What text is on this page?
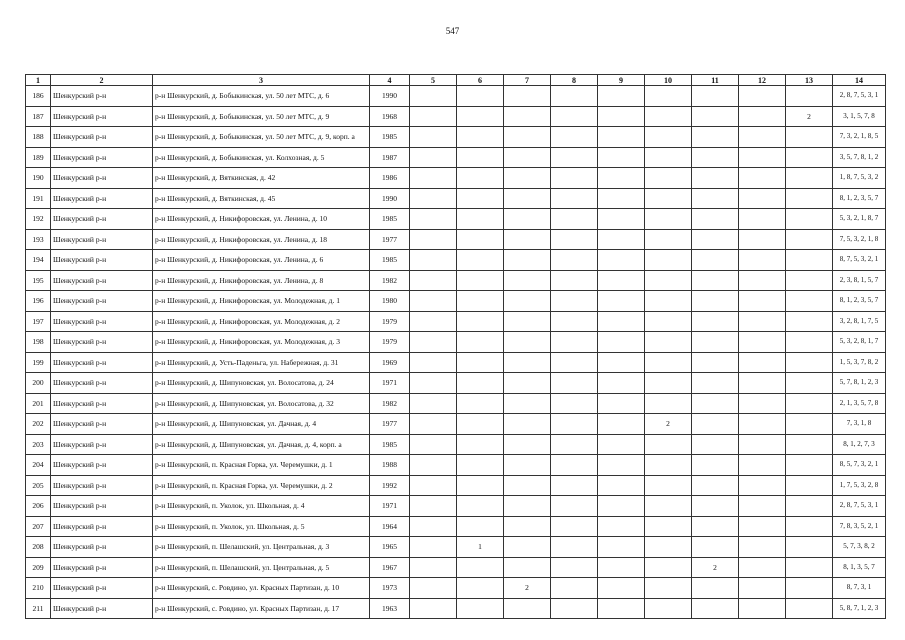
547
1	2	3	4	5	6	7	8	9	10	11	12	13	14
186	Шенкурский р-н	р-н Шенкурский, д. Бобыкинская, ул. 50 лет МТС, д. 6	1990										2, 8, 7, 5, 3, 1
187	Шенкурский р-н	р-н Шенкурский, д. Бобыкинская, ул. 50 лет МТС, д. 9	1968									2	3, 1, 5, 7, 8
188	Шенкурский р-н	р-н Шенкурский, д. Бобыкинская, ул. 50 лет МТС, д. 9, корп. а	1985										7, 3, 2, 1, 8, 5
189	Шенкурский р-н	р-н Шенкурский, д. Бобыкинская, ул. Колхозная, д. 5	1987										3, 5, 7, 8, 1, 2
190	Шенкурский р-н	р-н Шенкурский, д. Вяткинская, д. 42	1986										1, 8, 7, 5, 3, 2
191	Шенкурский р-н	р-н Шенкурский, д. Вяткинская, д. 45	1990										8, 1, 2, 3, 5, 7
192	Шенкурский р-н	р-н Шенкурский, д. Никифоровская, ул. Ленина, д. 10	1985										5, 3, 2, 1, 8, 7
193	Шенкурский р-н	р-н Шенкурский, д. Никифоровская, ул. Ленина, д. 18	1977										7, 5, 3, 2, 1, 8
194	Шенкурский р-н	р-н Шенкурский, д. Никифоровская, ул. Ленина, д. 6	1985										8, 7, 5, 3, 2, 1
195	Шенкурский р-н	р-н Шенкурский, д. Никифоровская, ул. Ленина, д. 8	1982										2, 3, 8, 1, 5, 7
196	Шенкурский р-н	р-н Шенкурский, д. Никифоровская, ул. Молодежная, д. 1	1980										8, 1, 2, 3, 5, 7
197	Шенкурский р-н	р-н Шенкурский, д. Никифоровская, ул. Молодежная, д. 2	1979										3, 2, 8, 1, 7, 5
198	Шенкурский р-н	р-н Шенкурский, д. Никифоровская, ул. Молодежная, д. 3	1979										5, 3, 2, 8, 1, 7
199	Шенкурский р-н	р-н Шенкурский, д. Усть-Паденьга, ул. Набережная, д. 31	1969										1, 5, 3, 7, 8, 2
200	Шенкурский р-н	р-н Шенкурский, д. Шипуновская, ул. Волосатова, д. 24	1971										5, 7, 8, 1, 2, 3
201	Шенкурский р-н	р-н Шенкурский, д. Шипуновская, ул. Волосатова, д. 32	1982										2, 1, 3, 5, 7, 8
202	Шенкурский р-н	р-н Шенкурский, д. Шипуновская, ул. Дачная, д. 4	1977						2				7, 3, 1, 8
203	Шенкурский р-н	р-н Шенкурский, д. Шипуновская, ул. Дачная, д. 4, корп. а	1985										8, 1, 2, 7, 3
204	Шенкурский р-н	р-н Шенкурский, п. Красная Горка, ул. Черемушки, д. 1	1988										8, 5, 7, 3, 2, 1
205	Шенкурский р-н	р-н Шенкурский, п. Красная Горка, ул. Черемушки, д. 2	1992										1, 7, 5, 3, 2, 8
206	Шенкурский р-н	р-н Шенкурский, п. Уколок, ул. Школьная, д. 4	1971										2, 8, 7, 5, 3, 1
207	Шенкурский р-н	р-н Шенкурский, п. Уколок, ул. Школьная, д. 5	1964										7, 8, 3, 5, 2, 1
208	Шенкурский р-н	р-н Шенкурский, п. Шелашский, ул. Центральная, д. 3	1965		1								5, 7, 3, 8, 2
209	Шенкурский р-н	р-н Шенкурский, п. Шелашский, ул. Центральная, д. 5	1967							2			8, 1, 3, 5, 7
210	Шенкурский р-н	р-н Шенкурский, с. Ровдино, ул. Красных Партизан, д. 10	1973			2							8, 7, 3, 1
211	Шенкурский р-н	р-н Шенкурский, с. Ровдино, ул. Красных Партизан, д. 17	1963										5, 8, 7, 1, 2, 3
